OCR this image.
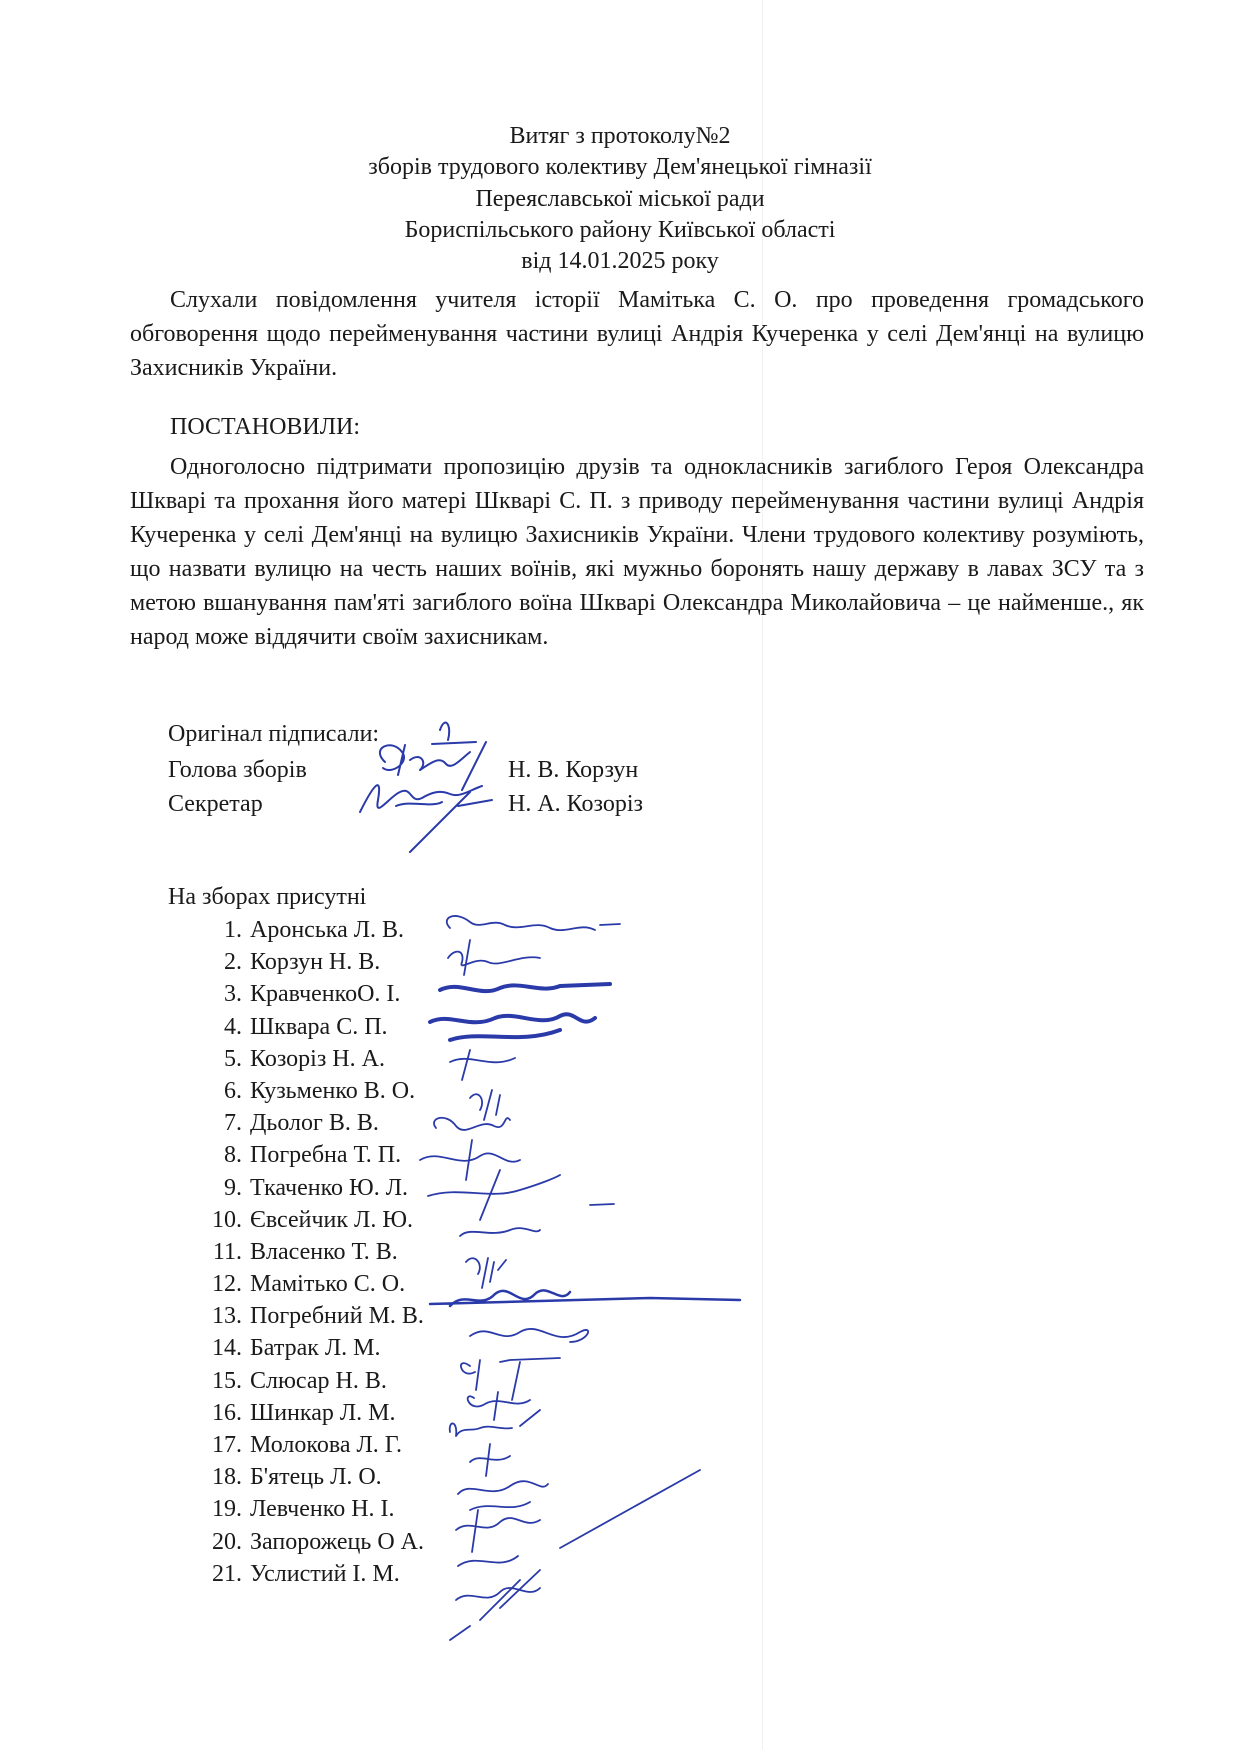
Витяг з протоколу№2
зборів трудового колективу Дем'янецької гімназії
Переяславської міської ради
Бориспільського району Київської області
від 14.01.2025 року
Слухали повідомлення учителя історії Мамітька С. О. про проведення громадського обговорення щодо перейменування частини вулиці Андрія Кучеренка у селі Дем'янці на вулицю Захисників України.
ПОСТАНОВИЛИ:
Одноголосно підтримати пропозицію друзів та однокласників загиблого Героя Олександра Шкварі та прохання його матері Шкварі С. П. з приводу перейменування частини вулиці Андрія Кучеренка у селі Дем'янці на вулицю Захисників України. Члени трудового колективу розуміють, що назвати вулицю на честь наших воїнів, які мужньо боронять нашу державу в лавах ЗСУ та з метою вшанування пам'яті загиблого воїна Шкварі Олександра Миколайовича – це найменше., як народ може віддячити своїм захисникам.
Оригінал підписали:
Голова зборів	Н. В. Корзун
Секретар	Н. А. Козоріз
На зборах присутні
1. Аронська Л. В.
2. Корзун Н. В.
3. КравченкоО. І.
4. Шквара С. П.
5. Козоріз Н. А.
6. Кузьменко В. О.
7. Дьолог В. В.
8. Погребна Т. П.
9. Ткаченко Ю. Л.
10. Євсейчик Л. Ю.
11. Власенко Т. В.
12. Мамітько С. О.
13. Погребний М. В.
14. Батрак Л. М.
15. Слюсар Н. В.
16. Шинкар Л. М.
17. Молокова Л. Г.
18. Б'ятець Л. О.
19. Левченко Н. І.
20. Запорожець О А.
21. Услистий І. М.
